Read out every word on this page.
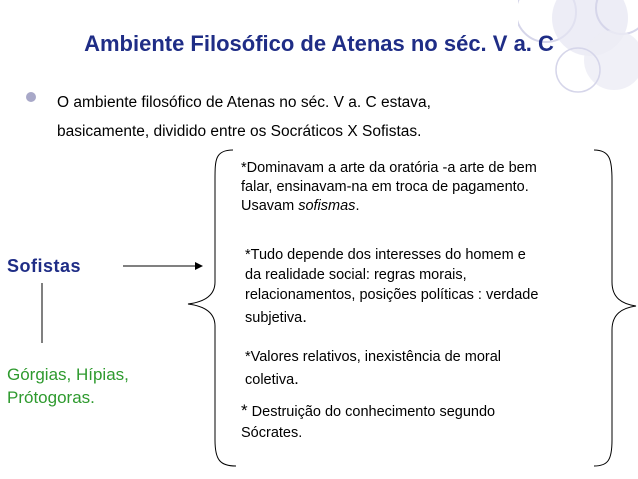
Ambiente Filosófico de Atenas no séc. V a. C
O ambiente filosófico de Atenas no séc. V a. C estava,
basicamente, dividido entre os Socráticos X Sofistas.
Sofistas
Górgias, Hípias,
Prótogoras.
*Dominavam a arte da oratória -a arte de bem
falar, ensinavam-na em troca de pagamento.
Usavam sofismas.
*Tudo depende dos interesses do homem e
da realidade social: regras morais,
relacionamentos, posições políticas : verdade
subjetiva.
*Valores relativos, inexistência de moral
coletiva.
* Destruição do conhecimento segundo
Sócrates.
